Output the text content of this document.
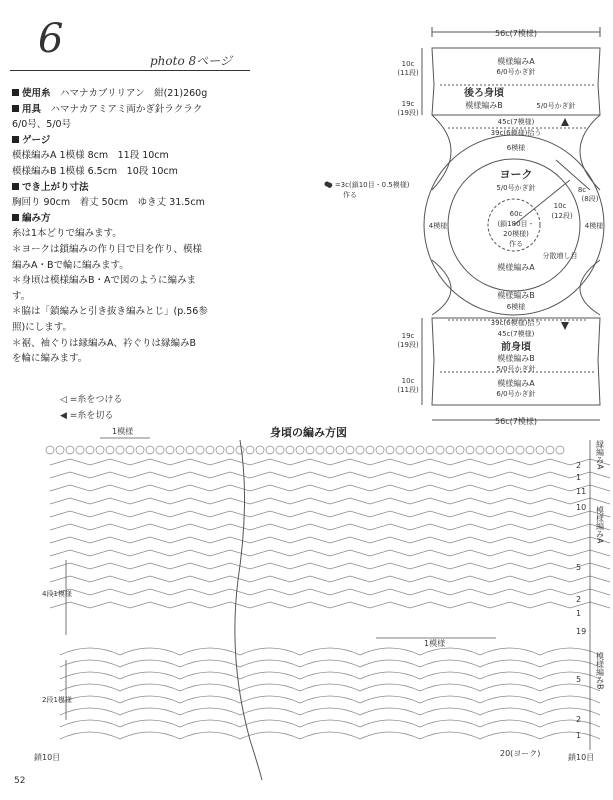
6	photo 8ページ
使用糸　 ハマナカブリリアン　紺(21)260g
用具　 ハマナカアミアミ両かぎ針ラクラク
6/0号、5/0号
ゲージ
模様編みA 1模様 8cm　11段 10cm
模様編みB 1模様 6.5cm　10段 10cm
でき上がり寸法
胸回り 90cm　着丈 50cm　ゆき丈 31.5cm
編み方
糸は1本どりで編みます。
＊ヨークは鎖編みの作り目で目を作り、模様
編みA・Bで輪に編みます。
＊身頃は模様編みB・Aで図のように編みま
す。
＊脇は「鎖編みと引き抜き編みとじ」(p.56参
照)にします。
＊裾、袖ぐりは縁編みA、衿ぐりは縁編みB
を輪に編みます。
56c(7模様)
模様編みA
6/0号かぎ針
後ろ身頃
模様編みB	5/0号かぎ針
45c(7模様)
39c(6模様)拾う
6模様
ヨーク
5/0号かぎ針
60c
(鎖180目・
20模様)
作る
4模様	4模様
8c
(8段)
10c
(12段)
分散増し目
模様編みA
模様編みB
6模様
39c(6模様)拾う
45c(7模様)
前身頃
模様編みB
5/0号かぎ針
模様編みA
6/0号かぎ針
56c(7模様)
10c
(11段)
19c
(19段)
19c
(19段)
10c
(11段)
● =3c(鎖10目・0.5模様)
作る
◁ =糸をつける
◀ =糸を切る
身頃の編み方図
1模様
1模様
4段1模様
2段1模様
鎖10目	20(ヨーク)	鎖10目
2
1
11
10
5
2
1
19
5
2
1
縁編みA
模様編みA
模様編みB
52
